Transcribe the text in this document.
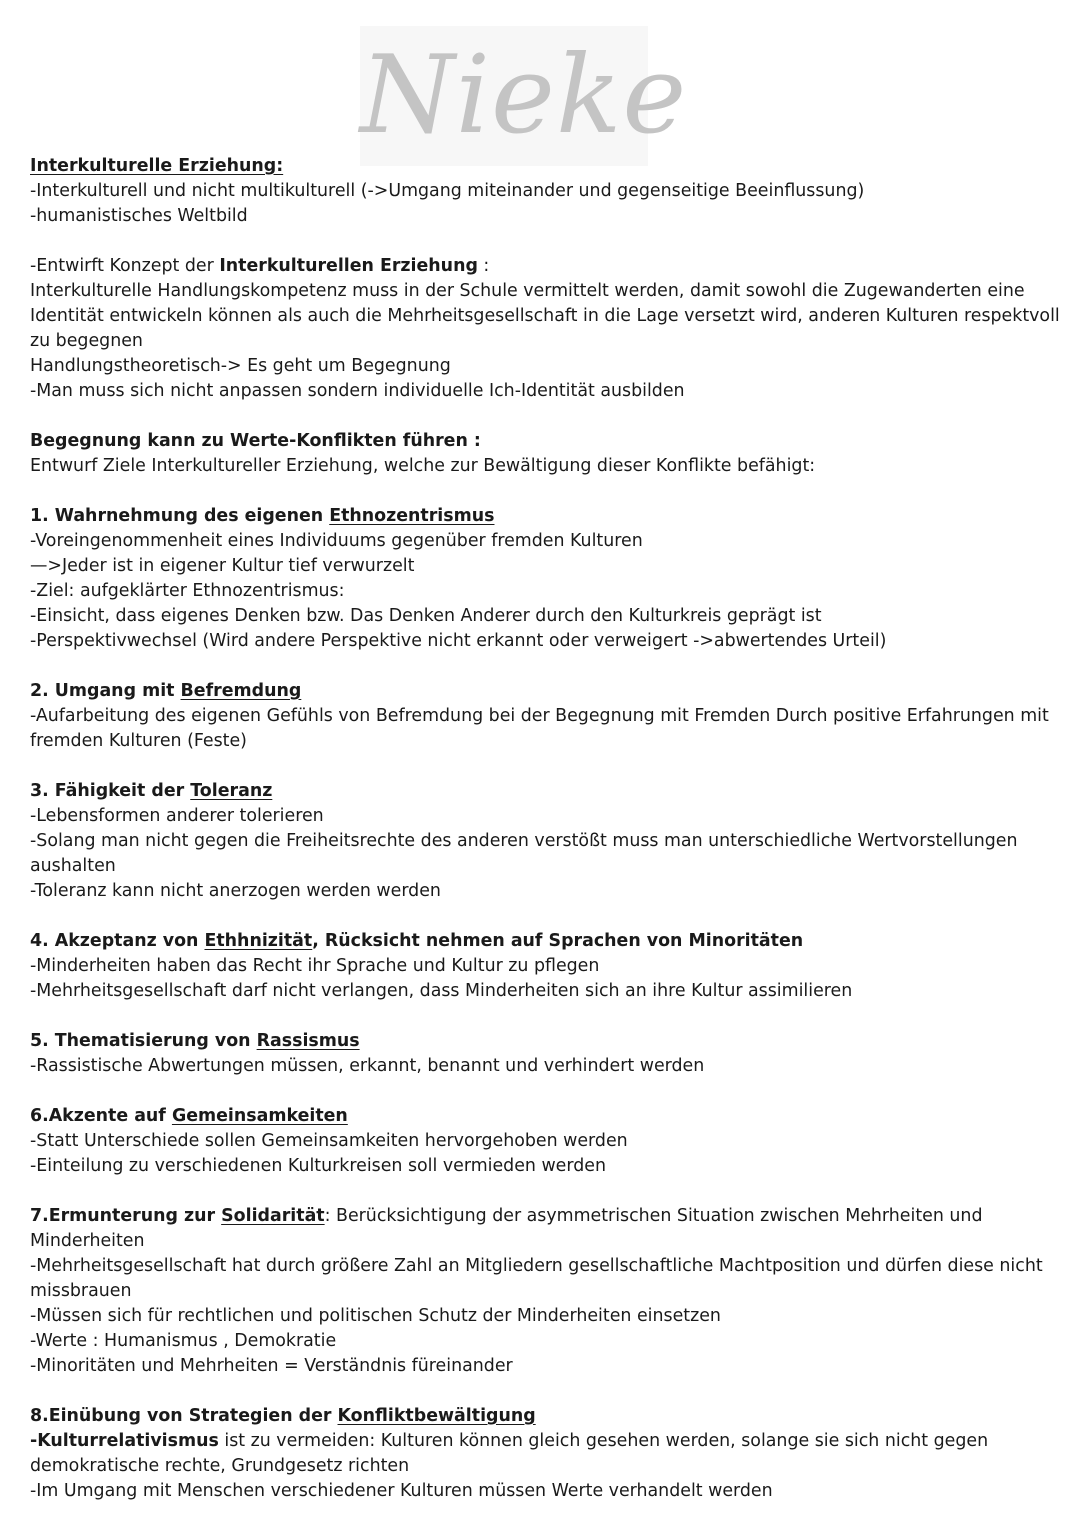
Nieke
Interkulturelle Erziehung:
-Interkulturell und nicht multikulturell (->Umgang miteinander und gegenseitige Beeinflussung)
-humanistisches Weltbild
-Entwirft Konzept der Interkulturellen Erziehung :
Interkulturelle Handlungskompetenz muss in der Schule vermittelt werden, damit sowohl die Zugewanderten eine Identität entwickeln können als auch die Mehrheitsgesellschaft in die Lage versetzt wird, anderen Kulturen respektvoll zu begegnen
Handlungstheoretisch-> Es geht um Begegnung
-Man muss sich nicht anpassen sondern individuelle Ich-Identität ausbilden
Begegnung kann zu Werte-Konflikten führen :
Entwurf Ziele Interkultureller Erziehung, welche zur Bewältigung dieser Konflikte befähigt:
1. Wahrnehmung des eigenen Ethnozentrismus
-Voreingenommenheit eines Individuums gegenüber fremden Kulturen
—>Jeder ist in eigener Kultur tief verwurzelt
-Ziel: aufgeklärter Ethnozentrismus:
-Einsicht, dass eigenes Denken bzw. Das Denken Anderer durch den Kulturkreis geprägt ist
-Perspektivwechsel (Wird andere Perspektive nicht erkannt oder verweigert ->abwertendes Urteil)
2. Umgang mit Befremdung
-Aufarbeitung des eigenen Gefühls von Befremdung bei der Begegnung mit Fremden Durch positive Erfahrungen mit fremden Kulturen (Feste)
3. Fähigkeit der Toleranz
-Lebensformen anderer tolerieren
-Solang man nicht gegen die Freiheitsrechte des anderen verstößt muss man unterschiedliche Wertvorstellungen aushalten
-Toleranz kann nicht anerzogen werden werden
4. Akzeptanz von Ethhnizität, Rücksicht nehmen auf Sprachen von Minoritäten
-Minderheiten haben das Recht ihr Sprache und Kultur zu pflegen
-Mehrheitsgesellschaft darf nicht verlangen, dass Minderheiten sich an ihre Kultur assimilieren
5. Thematisierung von Rassismus
-Rassistische Abwertungen müssen, erkannt, benannt und verhindert werden
6.Akzente auf Gemeinsamkeiten
-Statt Unterschiede sollen Gemeinsamkeiten hervorgehoben werden
-Einteilung zu verschiedenen Kulturkreisen soll vermieden werden
7.Ermunterung zur Solidarität: Berücksichtigung der asymmetrischen Situation zwischen Mehrheiten und Minderheiten
-Mehrheitsgesellschaft hat durch größere Zahl an Mitgliedern gesellschaftliche Machtposition und dürfen diese nicht missbrauen
-Müssen sich für rechtlichen und politischen Schutz der Minderheiten einsetzen
-Werte : Humanismus , Demokratie
-Minoritäten und Mehrheiten = Verständnis füreinander
8.Einübung von Strategien der Konfliktbewältigung
-Kulturrelativismus ist zu vermeiden: Kulturen können gleich gesehen werden, solange sie sich nicht gegen demokratische rechte, Grundgesetz richten
-Im Umgang mit Menschen verschiedener Kulturen müssen Werte verhandelt werden
